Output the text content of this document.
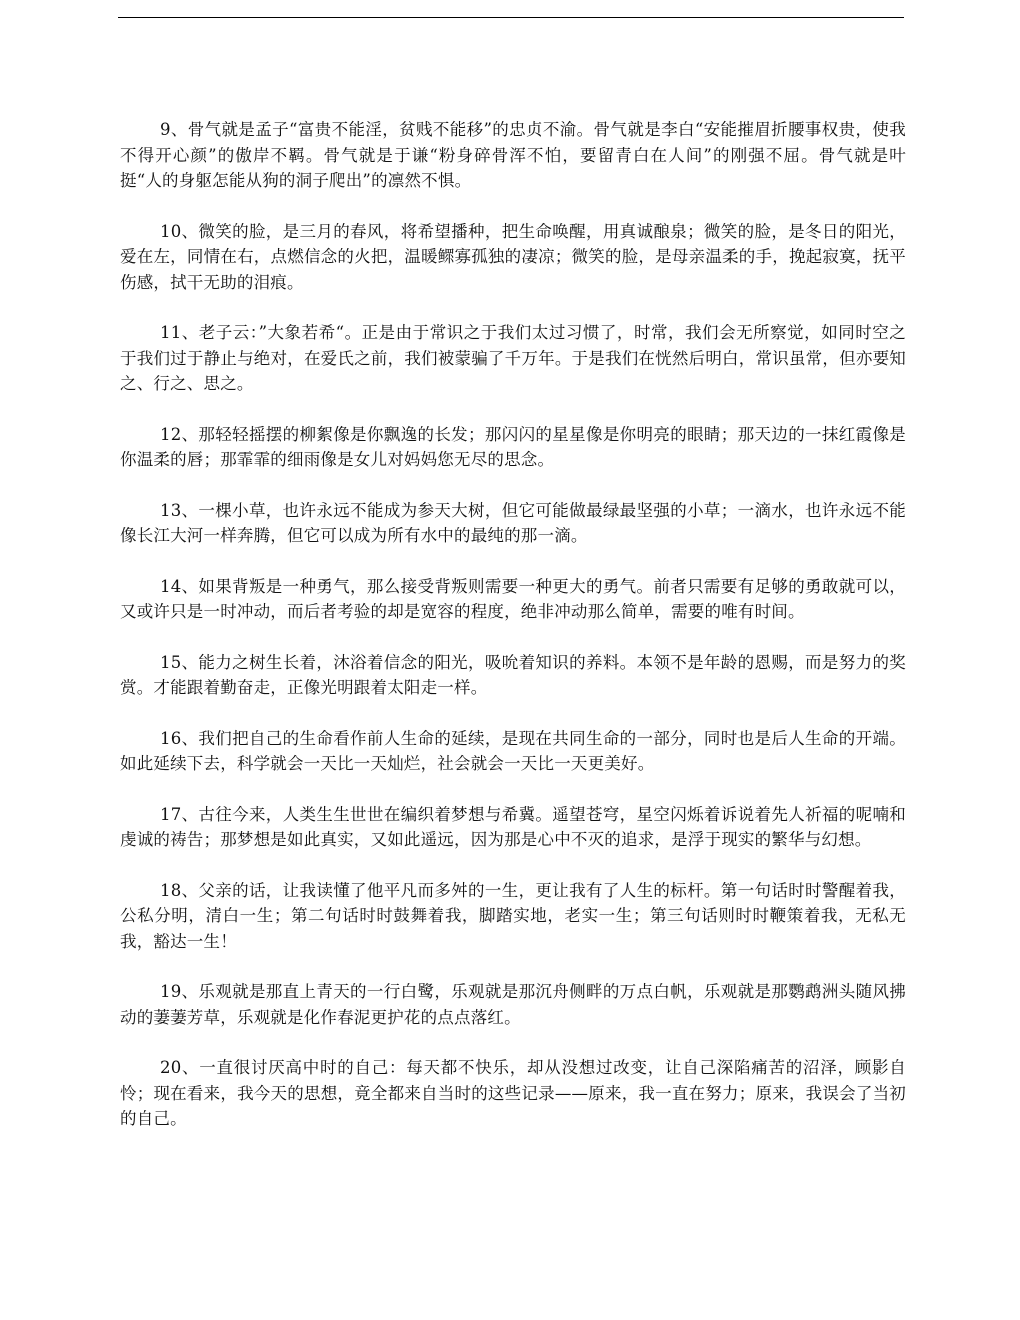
9、骨气就是孟子“富贵不能淫，贫贱不能移”的忠贞不渝。骨气就是李白“安能摧眉折腰事权贵，使我不得开心颜”的傲岸不羁。骨气就是于谦“粉身碎骨浑不怕，要留青白在人间”的刚强不屈。骨气就是叶挺“人的身躯怎能从狗的洞子爬出”的凛然不惧。

10、微笑的脸，是三月的春风，将希望播种，把生命唤醒，用真诚酿泉；微笑的脸，是冬日的阳光，爱在左，同情在右，点燃信念的火把，温暖鳏寡孤独的凄凉；微笑的脸，是母亲温柔的手，挽起寂寞，抚平伤感，拭干无助的泪痕。

11、老子云：”大象若希“。正是由于常识之于我们太过习惯了，时常，我们会无所察觉，如同时空之于我们过于静止与绝对，在爱氏之前，我们被蒙骗了千万年。于是我们在恍然后明白，常识虽常，但亦要知之、行之、思之。

12、那轻轻摇摆的柳絮像是你飘逸的长发；那闪闪的星星像是你明亮的眼睛；那天边的一抹红霞像是你温柔的唇；那霏霏的细雨像是女儿对妈妈您无尽的思念。

13、一棵小草，也许永远不能成为参天大树，但它可能做最绿最坚强的小草；一滴水，也许永远不能像长江大河一样奔腾，但它可以成为所有水中的最纯的那一滴。

14、如果背叛是一种勇气，那么接受背叛则需要一种更大的勇气。前者只需要有足够的勇敢就可以，又或许只是一时冲动，而后者考验的却是宽容的程度，绝非冲动那么简单，需要的唯有时间。

15、能力之树生长着，沐浴着信念的阳光，吸吮着知识的养料。本领不是年龄的恩赐，而是努力的奖赏。才能跟着勤奋走，正像光明跟着太阳走一样。

16、我们把自己的生命看作前人生命的延续，是现在共同生命的一部分，同时也是后人生命的开端。如此延续下去，科学就会一天比一天灿烂，社会就会一天比一天更美好。

17、古往今来，人类生生世世在编织着梦想与希冀。遥望苍穹，星空闪烁着诉说着先人祈福的呢喃和虔诚的祷告；那梦想是如此真实，又如此遥远，因为那是心中不灭的追求，是浮于现实的繁华与幻想。

18、父亲的话，让我读懂了他平凡而多舛的一生，更让我有了人生的标杆。第一句话时时警醒着我，公私分明，清白一生；第二句话时时鼓舞着我，脚踏实地，老实一生；第三句话则时时鞭策着我，无私无我，豁达一生！

19、乐观就是那直上青天的一行白鹭，乐观就是那沉舟侧畔的万点白帆，乐观就是那鹦鹉洲头随风拂动的萋萋芳草，乐观就是化作春泥更护花的点点落红。

20、一直很讨厌高中时的自己：每天都不快乐，却从没想过改变，让自己深陷痛苦的沼泽，顾影自怜；现在看来，我今天的思想，竟全都来自当时的这些记录——原来，我一直在努力；原来，我误会了当初的自己。
